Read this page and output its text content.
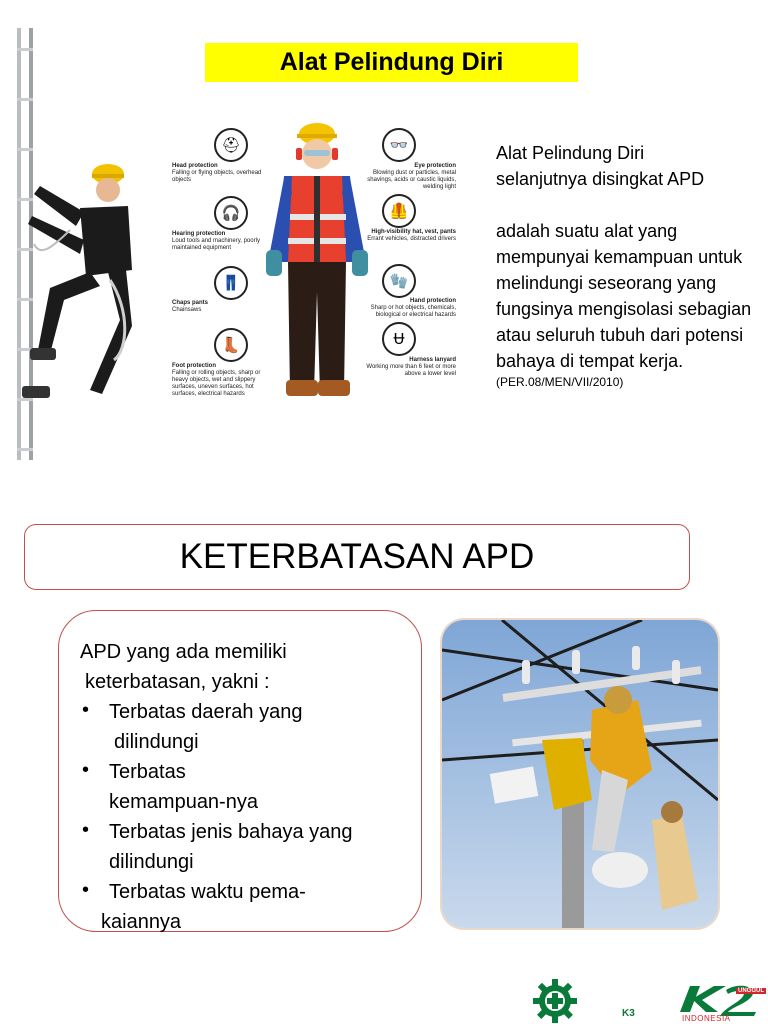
Alat Pelindung Diri
⛑
Head protection
Falling or flying objects, overhead objects
🎧
Hearing protection
Loud tools and machinery, poorly maintained equipment
👖
Chaps pants
Chainsaws
👢
Foot protection
Falling or rolling objects, sharp or heavy objects, wet and slippery surfaces, uneven surfaces, hot surfaces, electrical hazards
👓
Eye protection
Blowing dust or particles, metal shavings, acids or caustic liquids, welding light
🦺
High-visibility hat, vest, pants
Errant vehicles, distracted drivers
🧤
Hand protection
Sharp or hot objects, chemicals, biological or electrical hazards
Ʉ
Harness lanyard
Working more than 6 feet or more above a lower level

Alat Pelindung Diri

selanjutnya disingkat APD

adalah suatu alat yang mempunyai kemampuan untuk melindungi seseorang yang fungsinya mengisolasi sebagian atau seluruh tubuh dari potensi bahaya di tempat kerja.

(PER.08/MEN/VII/2010)

KETERBATASAN APD

APD yang ada memiliki

keterbatasan, yakni :

• Terbatas daerah yang
dilindungi
• Terbatas
kemampuan-nya
• Terbatas jenis bahaya yang
dilindungi
• Terbatas waktu pema-
kaiannya
K3
UNGGUL
INDONESIA
